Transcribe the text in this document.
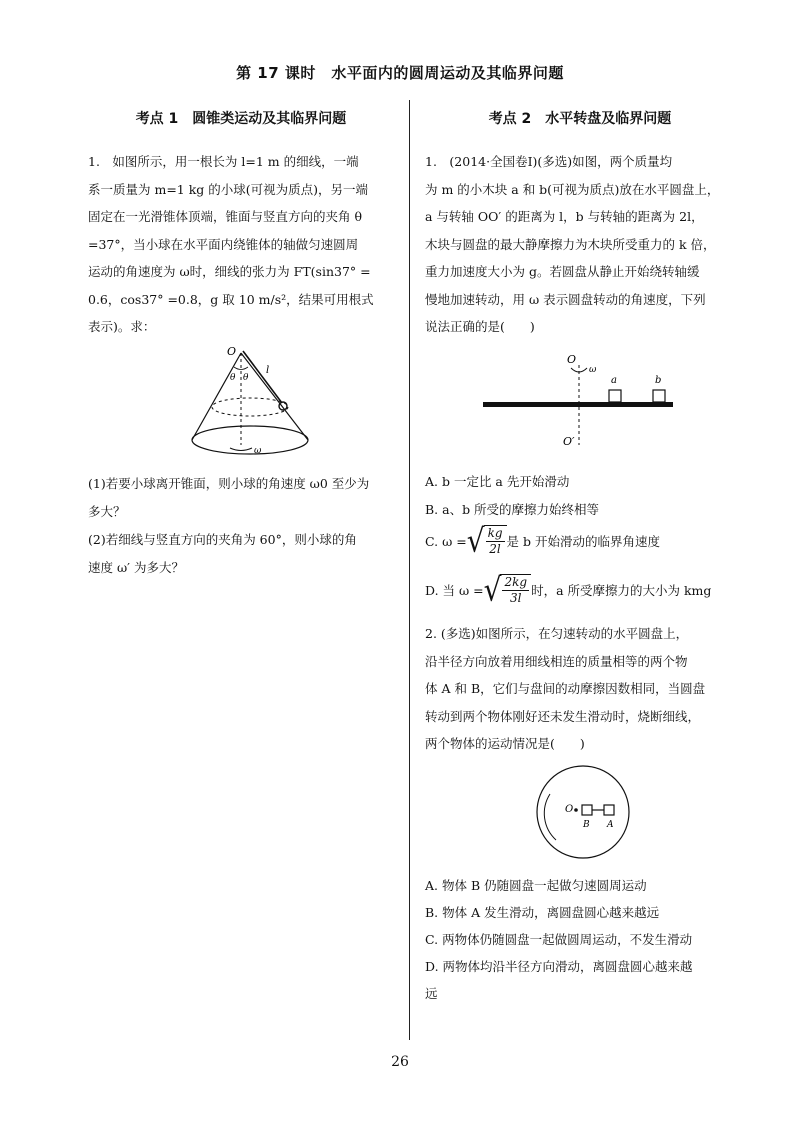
第 17 课时　水平面内的圆周运动及其临界问题
考点 1　圆锥类运动及其临界问题
1.　如图所示，用一根长为 l=1 m 的细线，一端
系一质量为 m=1 kg 的小球(可视为质点)，另一端
固定在一光滑锥体顶端，锥面与竖直方向的夹角 θ
=37°，当小球在水平面内绕锥体的轴做匀速圆周
运动的角速度为 ω时，细线的张力为 FT(sin37° =
0.6，cos37° =0.8，g 取 10 m/s²，结果可用根式
表示)。求：
O
θ θ
l
ω
(1)若要小球离开锥面，则小球的角速度 ω0 至少为
多大？
(2)若细线与竖直方向的夹角为 60°，则小球的角
速度 ω′ 为多大？
考点 2　水平转盘及临界问题
1.　(2014·全国卷Ⅰ)(多选)如图，两个质量均
为 m 的小木块 a 和 b(可视为质点)放在水平圆盘上，
a 与转轴 OO′ 的距离为 l，b 与转轴的距离为 2l，
木块与圆盘的最大静摩擦力为木块所受重力的 k 倍，
重力加速度大小为 g。若圆盘从静止开始绕转轴缓
慢地加速转动，用 ω 表示圆盘转动的角速度，下列
说法正确的是(　　)
O
ω
a	b
O′
A. b 一定比 a 先开始滑动
B. a、b 所受的摩擦力始终相等
C. ω = √ $\frac{kg}{2l}$ 是 b 开始滑动的临界角速度
D. 当 ω = √ $\frac{2kg}{3l}$ 时，a 所受摩擦力的大小为 kmg
2. (多选)如图所示，在匀速转动的水平圆盘上，
沿半径方向放着用细线相连的质量相等的两个物
体 A 和 B，它们与盘间的动摩擦因数相同，当圆盘
转动到两个物体刚好还未发生滑动时，烧断细线，
两个物体的运动情况是(　　)
O
B A
A. 物体 B 仍随圆盘一起做匀速圆周运动
B. 物体 A 发生滑动，离圆盘圆心越来越远
C. 两物体仍随圆盘一起做圆周运动，不发生滑动
D. 两物体均沿半径方向滑动，离圆盘圆心越来越
远
26
